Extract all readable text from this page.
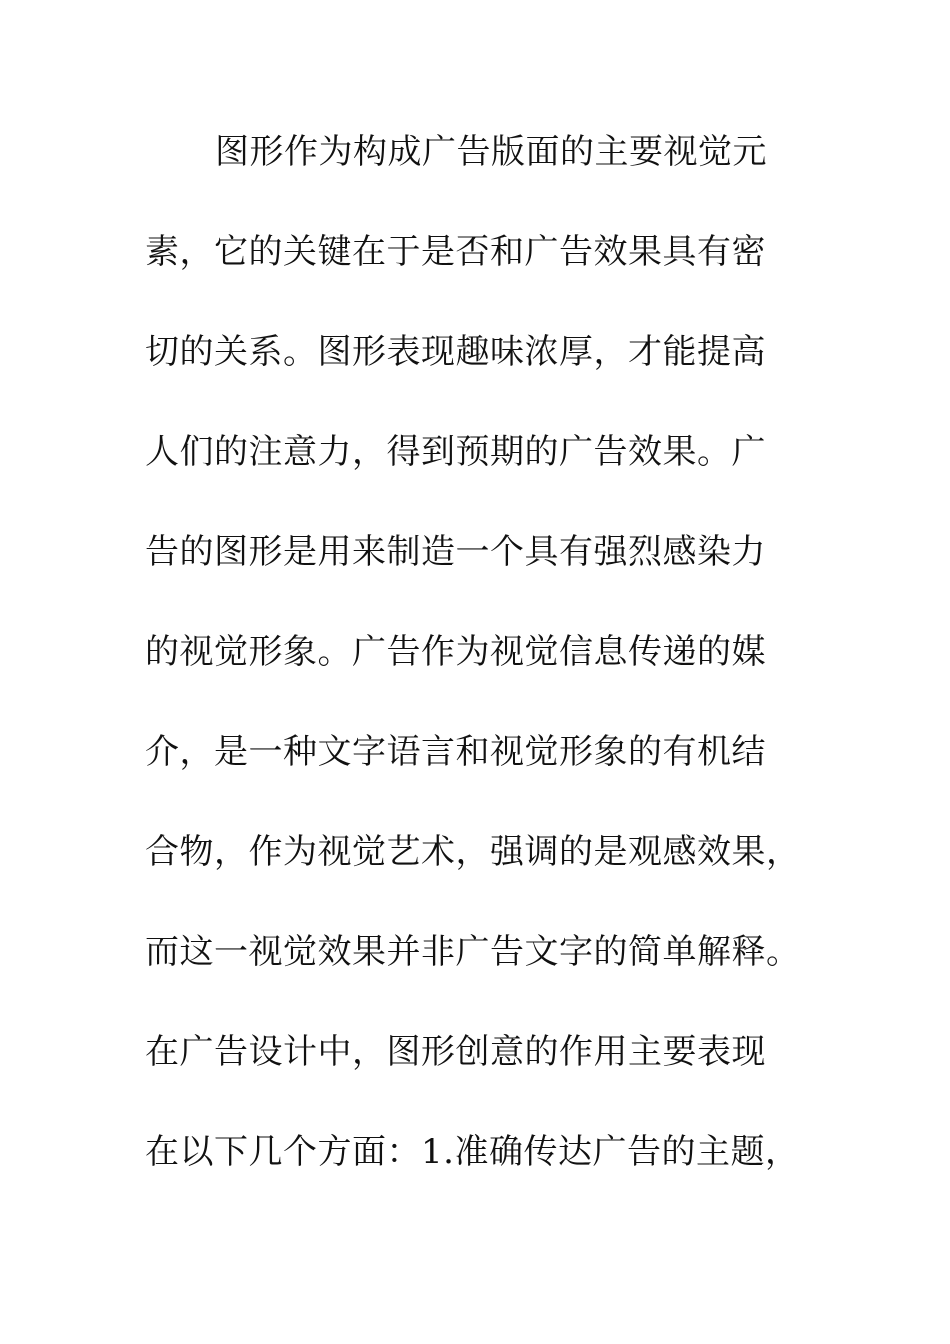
图形作为构成广告版面的主要视觉元
素，它的关键在于是否和广告效果具有密
切的关系。图形表现趣味浓厚，才能提高
人们的注意力，得到预期的广告效果。广
告的图形是用来制造一个具有强烈感染力
的视觉形象。广告作为视觉信息传递的媒
介，是一种文字语言和视觉形象的有机结
合物，作为视觉艺术，强调的是观感效果，
而这一视觉效果并非广告文字的简单解释。
在广告设计中，图形创意的作用主要表现
在以下几个方面：1.准确传达广告的主题，
